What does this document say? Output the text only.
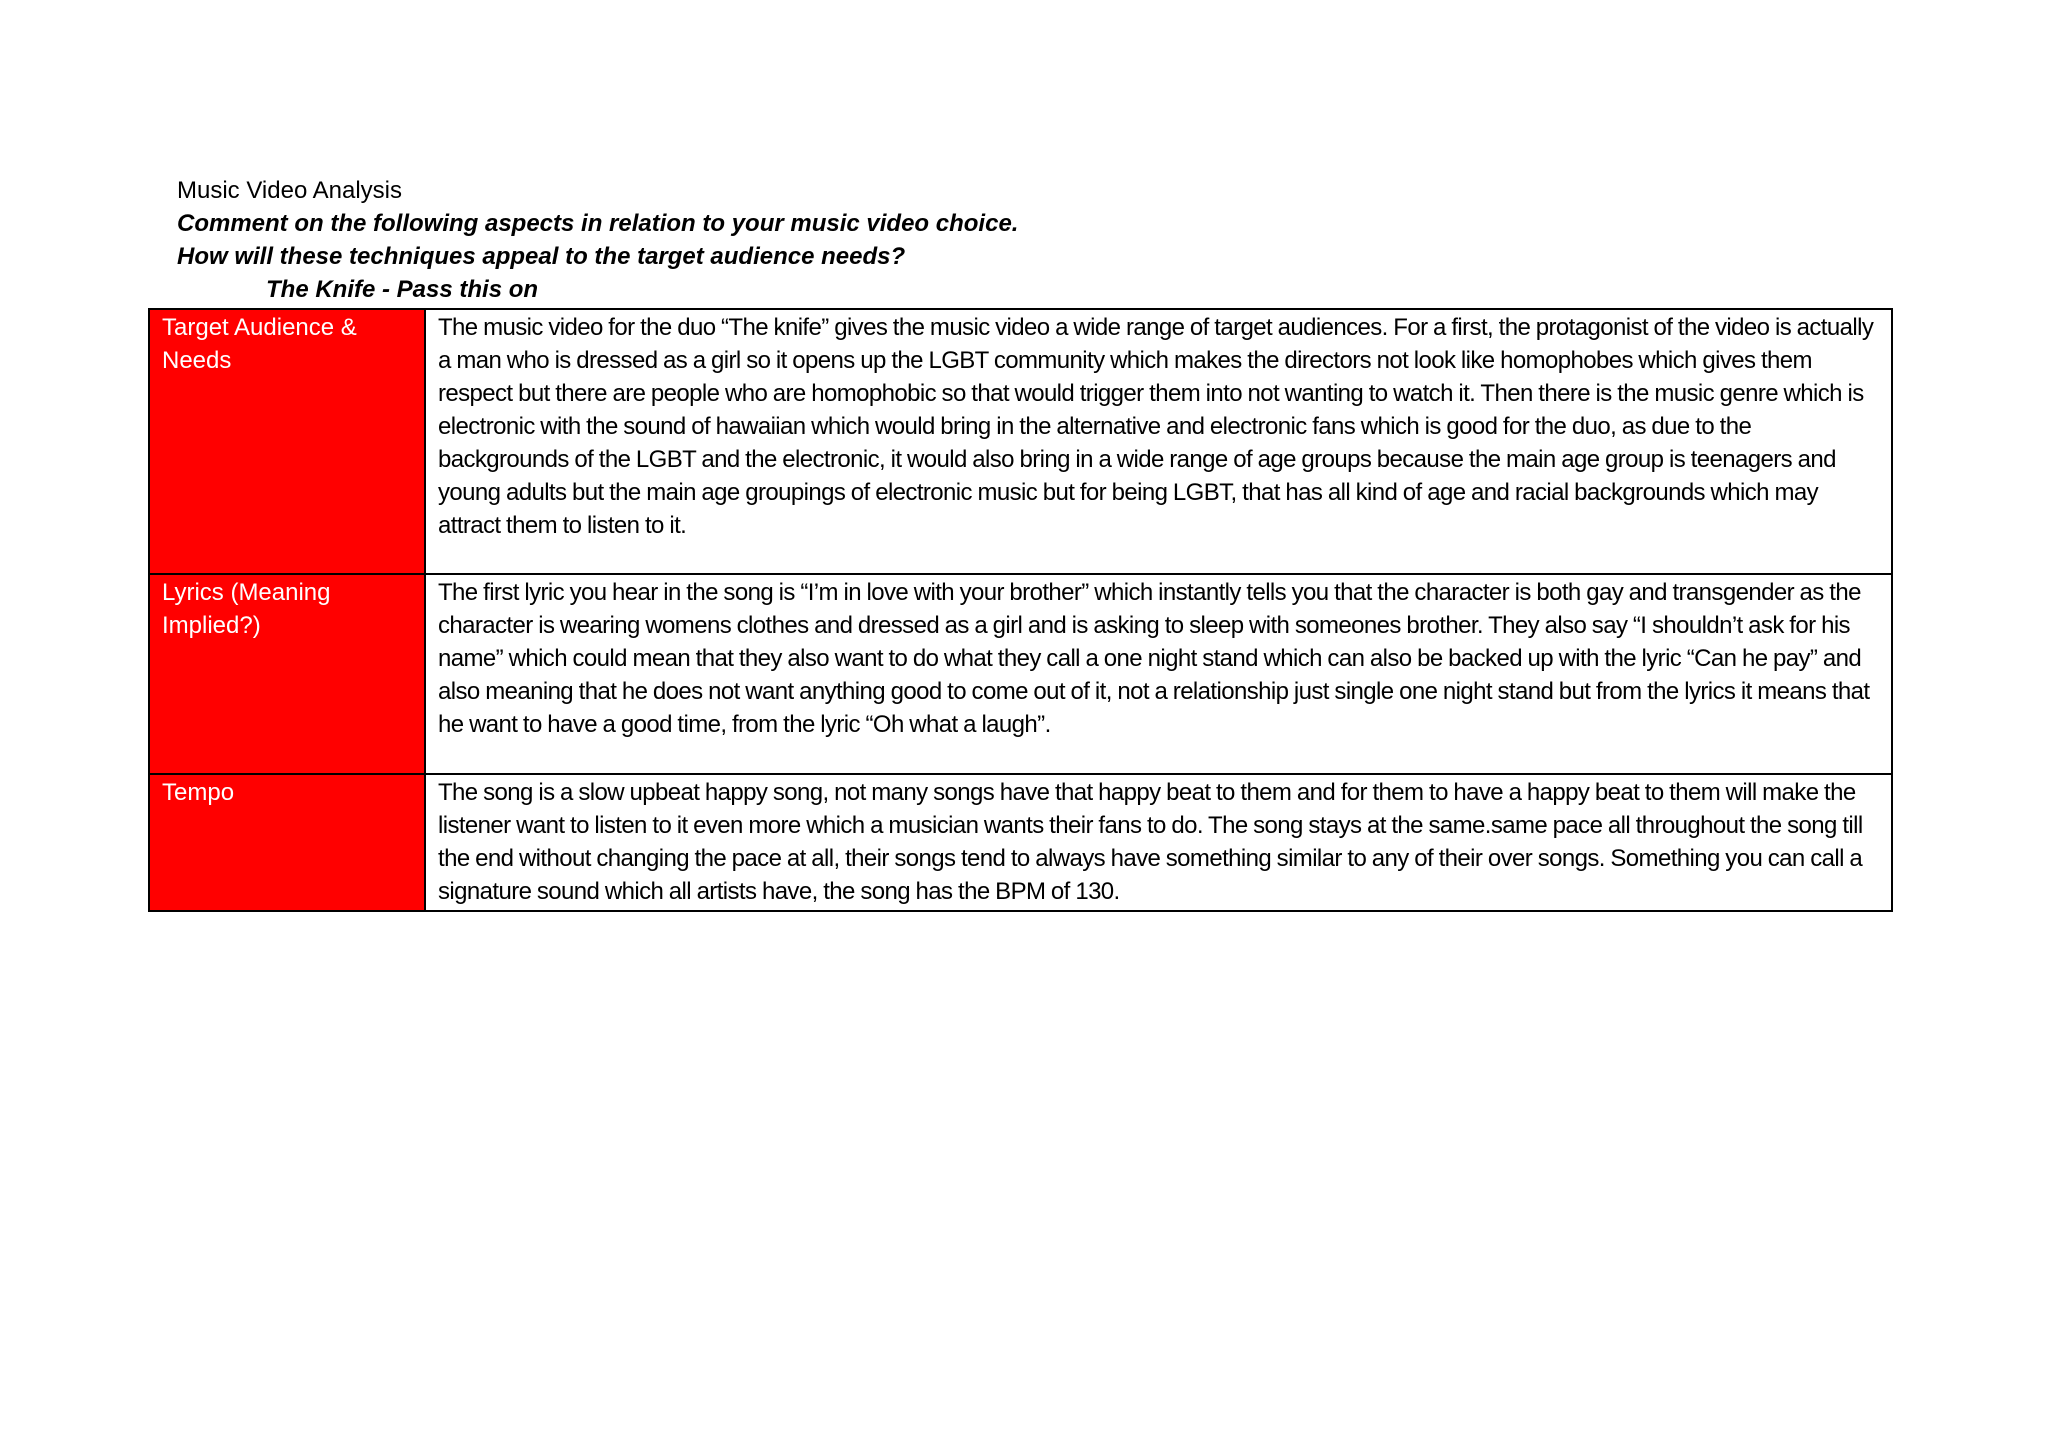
Music Video Analysis
Comment on the following aspects in relation to your music video choice.
How will these techniques appeal to the target audience needs?
The Knife - Pass this on
Target Audience & Needs	The music video for the duo “The knife” gives the music video a wide range of target audiences. For a first, the protagonist of the video is actually a man who is dressed as a girl so it opens up the LGBT community which makes the directors not look like homophobes which gives them respect but there are people who are homophobic so that would trigger them into not wanting to watch it. Then there is the music genre which is electronic with the sound of hawaiian which would bring in the alternative and electronic fans which is good for the duo, as due to the backgrounds of the LGBT and the electronic, it would also bring in a wide range of age groups because the main age group is teenagers and young adults but the main age groupings of electronic music but for being LGBT, that has all kind of age and racial backgrounds which may attract them to listen to it.
Lyrics (Meaning Implied?)	The first lyric you hear in the song is “I’m in love with your brother” which instantly tells you that the character is both gay and transgender as the character is wearing womens clothes and dressed as a girl and is asking to sleep with someones brother. They also say “I shouldn’t ask for his name” which could mean that they also want to do what they call a one night stand which can also be backed up with the lyric “Can he pay” and also meaning that he does not want anything good to come out of it, not a relationship just single one night stand but from the lyrics it means that he want to have a good time, from the lyric “Oh what a laugh”.
Tempo	The song is a slow upbeat happy song, not many songs have that happy beat to them and for them to have a happy beat to them will make the listener want to listen to it even more which a musician wants their fans to do. The song stays at the same.same pace all throughout the song till the end without changing the pace at all, their songs tend to always have something similar to any of their over songs. Something you can call a signature sound which all artists have, the song has the BPM of 130.
